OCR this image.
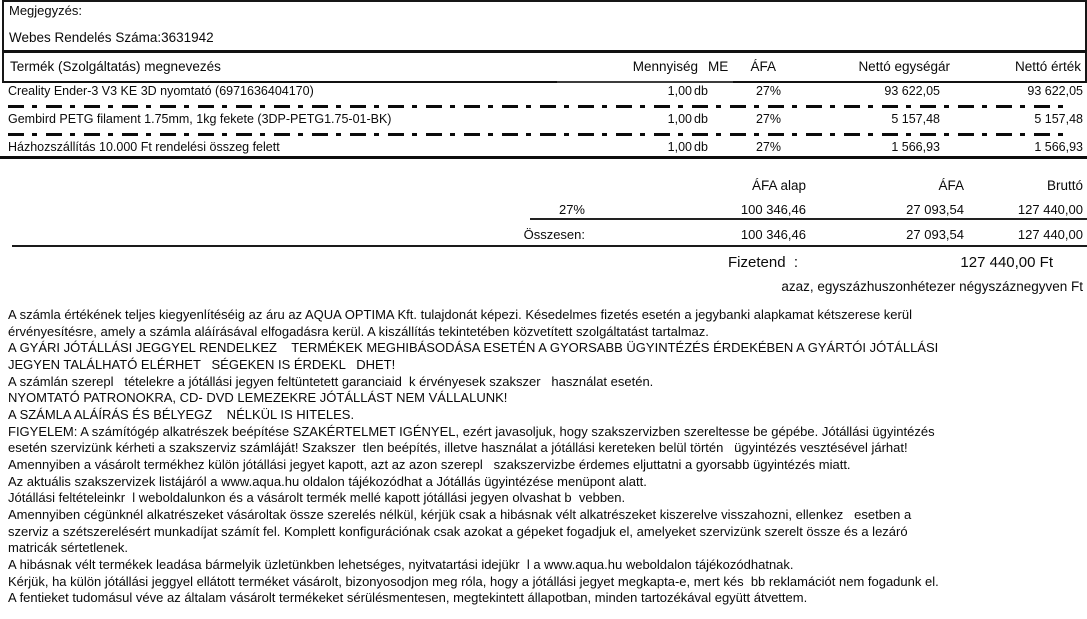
Megjegyzés:
Webes Rendelés Száma:3631942
Termék (Szolgáltatás) megnevezés	Mennyiség ME ÁFA	Nettó egységár	Nettó érték
Creality Ender-3 V3 KE 3D nyomtató (6971636404170)	1,00 db	27%	93 622,05	93 622,05
Gembird PETG filament 1.75mm, 1kg fekete (3DP-PETG1.75-01-BK)	1,00 db	27%	5 157,48	5 157,48
Házhozszállítás 10.000 Ft rendelési összeg felett	1,00 db	27%	1 566,93	1 566,93
ÁFA alap	ÁFA	Bruttó
27%	100 346,46	27 093,54	127 440,00
Összesen:	100 346,46	27 093,54	127 440,00
Fizetend  :	127 440,00 Ft
azaz, egyszázhuszonhétezer négyszáznegyven Ft
A számla értékének teljes kiegyenlítéséig az áru az AQUA OPTIMA Kft. tulajdonát képezi. Késedelmes fizetés esetén a jegybanki alapkamat kétszerese kerül
érvényesítésre, amely a számla aláírásával elfogadásra kerül. A kiszállítás tekintetében közvetített szolgáltatást tartalmaz.
A GYÁRI JÓTÁLLÁSI JEGGYEL RENDELKEZ    TERMÉKEK MEGHIBÁSODÁSA ESETÉN A GYORSABB ÜGYINTÉZÉS ÉRDEKÉBEN A GYÁRTÓI JÓTÁLLÁSI
JEGYEN TALÁLHATÓ ELÉRHET   SÉGEKEN IS ÉRDEKL   DHET!
A számlán szerepl   tételekre a jótállási jegyen feltüntetett garanciaid  k érvényesek szakszer   használat esetén.
NYOMTATÓ PATRONOKRA, CD- DVD LEMEZEKRE JÓTÁLLÁST NEM VÁLLALUNK!
A SZÁMLA ALÁÍRÁS ÉS BÉLYEGZ    NÉLKÜL IS HITELES.
FIGYELEM: A számítógép alkatrészek beépítése SZAKÉRTELMET IGÉNYEL, ezért javasoljuk, hogy szakszervizben szereltesse be gépébe. Jótállási ügyintézés
esetén szervizünk kérheti a szakszerviz számláját! Szakszer  tlen beépítés, illetve használat a jótállási kereteken belül történ   ügyintézés vesztésével járhat!
Amennyiben a vásárolt termékhez külön jótállási jegyet kapott, azt az azon szerepl   szakszervizbe érdemes eljuttatni a gyorsabb ügyintézés miatt.
Az aktuális szakszervizek listájáról a www.aqua.hu oldalon tájékozódhat a Jótállás ügyintézése menüpont alatt.
Jótállási feltételeinkr  l weboldalunkon és a vásárolt termék mellé kapott jótállási jegyen olvashat b  vebben.
Amennyiben cégünknél alkatrészeket vásároltak össze szerelés nélkül, kérjük csak a hibásnak vélt alkatrészeket kiszerelve visszahozni, ellenkez   esetben a
szerviz a szétszerelésért munkadíjat számít fel. Komplett konfigurációnak csak azokat a gépeket fogadjuk el, amelyeket szervizünk szerelt össze és a lezáró
matricák sértetlenek.
A hibásnak vélt termékek leadása bármelyik üzletünkben lehetséges, nyitvatartási idejükr  l a www.aqua.hu weboldalon tájékozódhatnak.
Kérjük, ha külön jótállási jeggyel ellátott terméket vásárolt, bizonyosodjon meg róla, hogy a jótállási jegyet megkapta-e, mert kés  bb reklamációt nem fogadunk el.
A fentieket tudomásul véve az általam vásárolt termékeket sérülésmentesen, megtekintett állapotban, minden tartozékával együtt átvettem.
